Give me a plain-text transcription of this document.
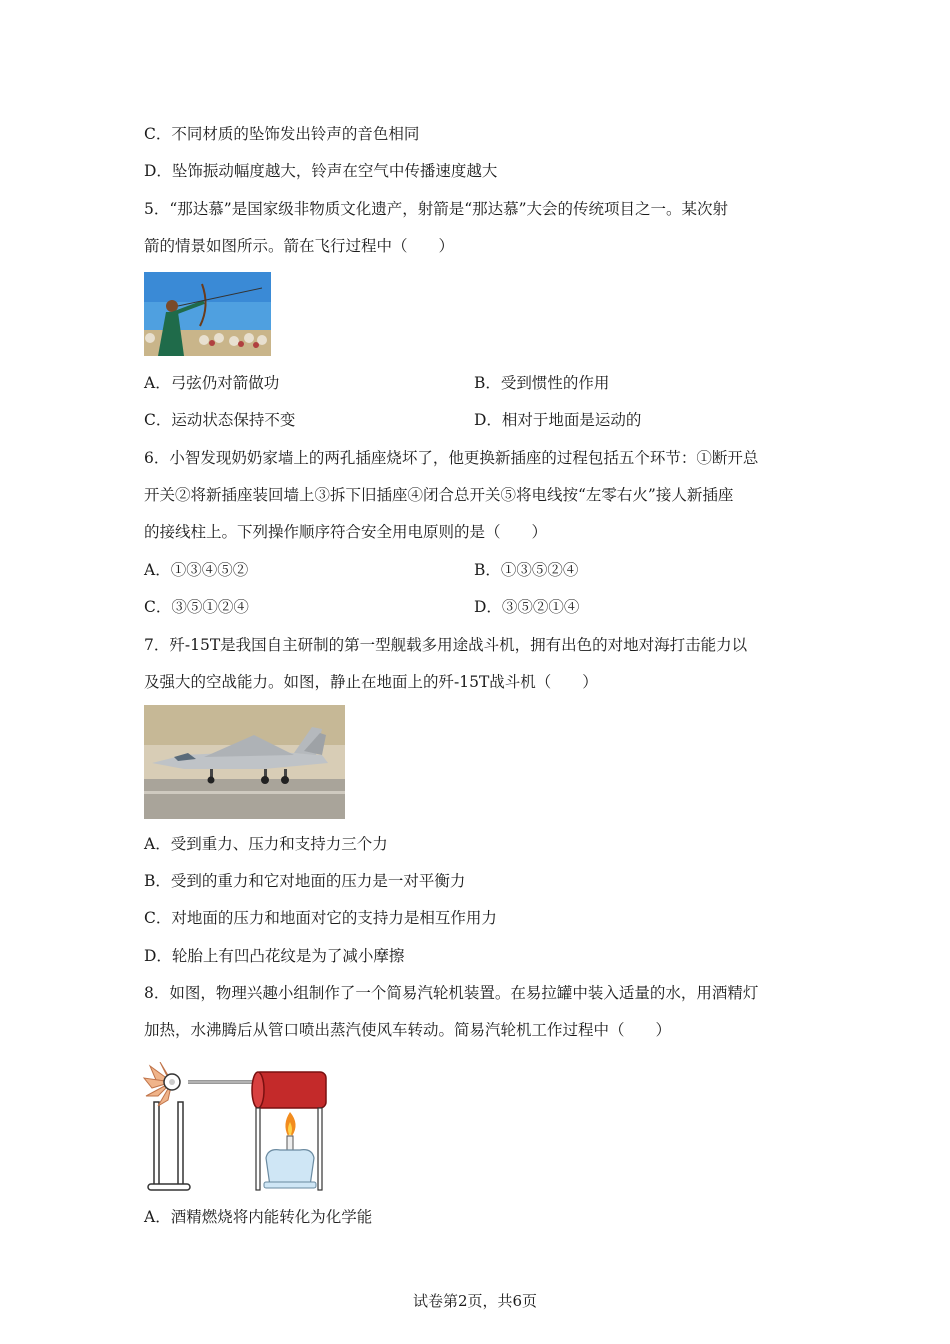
C．不同材质的坠饰发出铃声的音色相同
D．坠饰振动幅度越大，铃声在空气中传播速度越大
5．“那达慕”是国家级非物质文化遗产，射箭是“那达慕”大会的传统项目之一。某次射
箭的情景如图所示。箭在飞行过程中（　　）
A．弓弦仍对箭做功	B．受到惯性的作用
C．运动状态保持不变	D．相对于地面是运动的
6．小智发现奶奶家墙上的两孔插座烧坏了，他更换新插座的过程包括五个环节：①断开总
开关②将新插座装回墙上③拆下旧插座④闭合总开关⑤将电线按“左零右火”接人新插座
的接线柱上。下列操作顺序符合安全用电原则的是（　　）
A．①③④⑤②	B．①③⑤②④
C．③⑤①②④	D．③⑤②①④
7．歼-15T是我国自主研制的第一型舰载多用途战斗机，拥有出色的对地对海打击能力以
及强大的空战能力。如图，静止在地面上的歼-15T战斗机（　　）
A．受到重力、压力和支持力三个力
B．受到的重力和它对地面的压力是一对平衡力
C．对地面的压力和地面对它的支持力是相互作用力
D．轮胎上有凹凸花纹是为了减小摩擦
8．如图，物理兴趣小组制作了一个简易汽轮机装置。在易拉罐中装入适量的水，用酒精灯
加热，水沸腾后从管口喷出蒸汽使风车转动。简易汽轮机工作过程中（　　）
A．酒精燃烧将内能转化为化学能
试卷第2页，共6页
